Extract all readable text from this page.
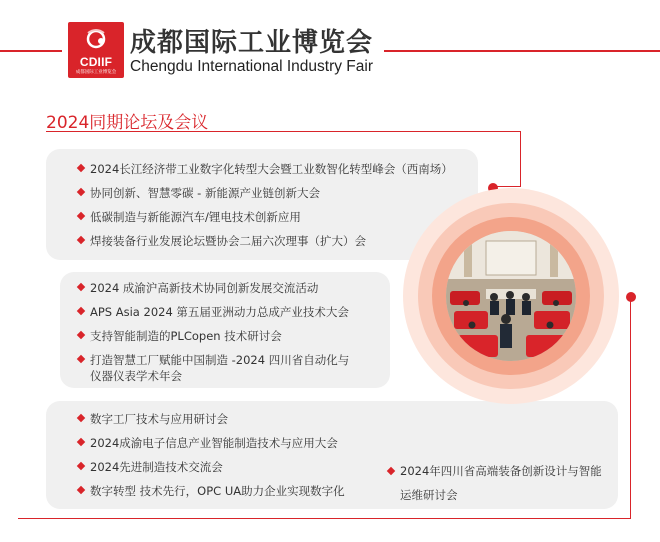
CDIIF
成都国际工业博览会
成都国际工业博览会
Chengdu International Industry Fair
2024同期论坛及会议
2024长江经济带工业数字化转型大会暨工业数智化转型峰会（西南场）
协同创新、智慧零碳 - 新能源产业链创新大会
低碳制造与新能源汽车/锂电技术创新应用
焊接装备行业发展论坛暨协会二届六次理事（扩大）会
2024 成渝沪高新技术协同创新发展交流活动
APS Asia 2024 第五届亚洲动力总成产业技术大会
支持智能制造的PLCopen 技术研讨会
打造智慧工厂赋能中国制造 -2024 四川省自动化与
仪器仪表学术年会
数字工厂技术与应用研讨会
2024成渝电子信息产业智能制造技术与应用大会
2024先进制造技术交流会
数字转型 技术先行，OPC UA助力企业实现数字化
2024年四川省高端装备创新设计与智能
运维研讨会
